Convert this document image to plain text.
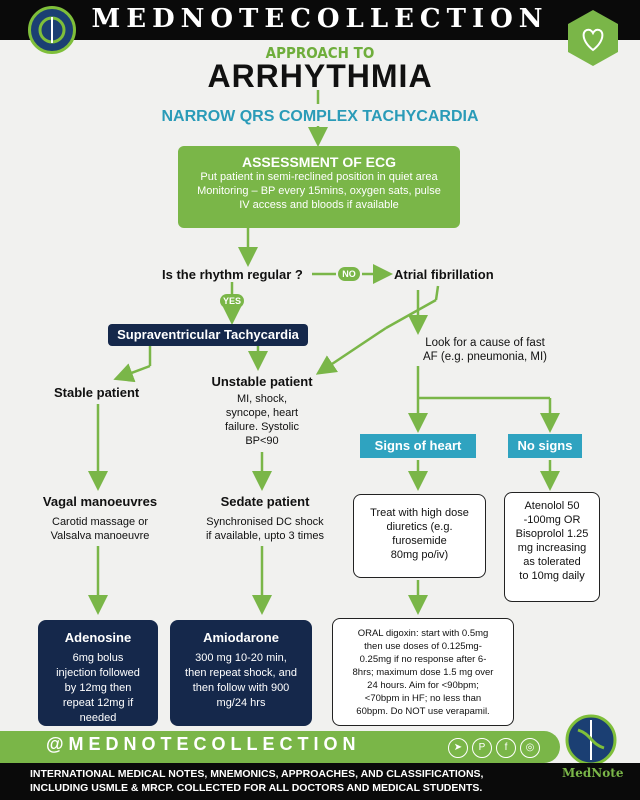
MEDNOTECOLLECTION
APPROACH TO
ARRHYTHMIA
NARROW QRS COMPLEX TACHYCARDIA
ASSESSMENT OF ECG
Put patient in semi-reclined position in quiet area
Monitoring – BP every 15mins, oxygen sats, pulse
IV access and bloods if available
Is the rhythm regular ?	NO
YES
Atrial fibrillation
Supraventricular Tachycardia
Look for a cause of fast
AF (e.g. pneumonia, MI)
Stable patient
Unstable patient
MI, shock,
syncope, heart
failure. Systolic
BP<90	Signs of heart	No signs
Vagal manoeuvres
Carotid massage or
Valsalva manoeuvre
Sedate patient
Synchronised DC shock
if available, upto 3 times
Treat with high dose
diuretics (e.g.
furosemide
80mg po/iv)
Atenolol 50
-100mg OR
Bisoprolol 1.25
mg increasing
as tolerated
to 10mg daily
Adenosine
6mg bolus
injection followed
by 12mg then
repeat 12mg if
needed
Amiodarone
300 mg 10-20 min,
then repeat shock, and
then follow with 900
mg/24 hrs
ORAL digoxin: start with 0.5mg
then use doses of 0.125mg-
0.25mg if no response after 6-
8hrs; maximum dose 1.5 mg over
24 hours. Aim for <90bpm;
<70bpm in HF; no less than
60bpm. Do NOT use verapamil.
@MEDNOTECOLLECTION	➤	P	f	◎
MedNote
INTERNATIONAL MEDICAL NOTES, MNEMONICS, APPROACHES, AND CLASSIFICATIONS,
INCLUDING USMLE & MRCP. COLLECTED FOR ALL DOCTORS AND MEDICAL STUDENTS.
